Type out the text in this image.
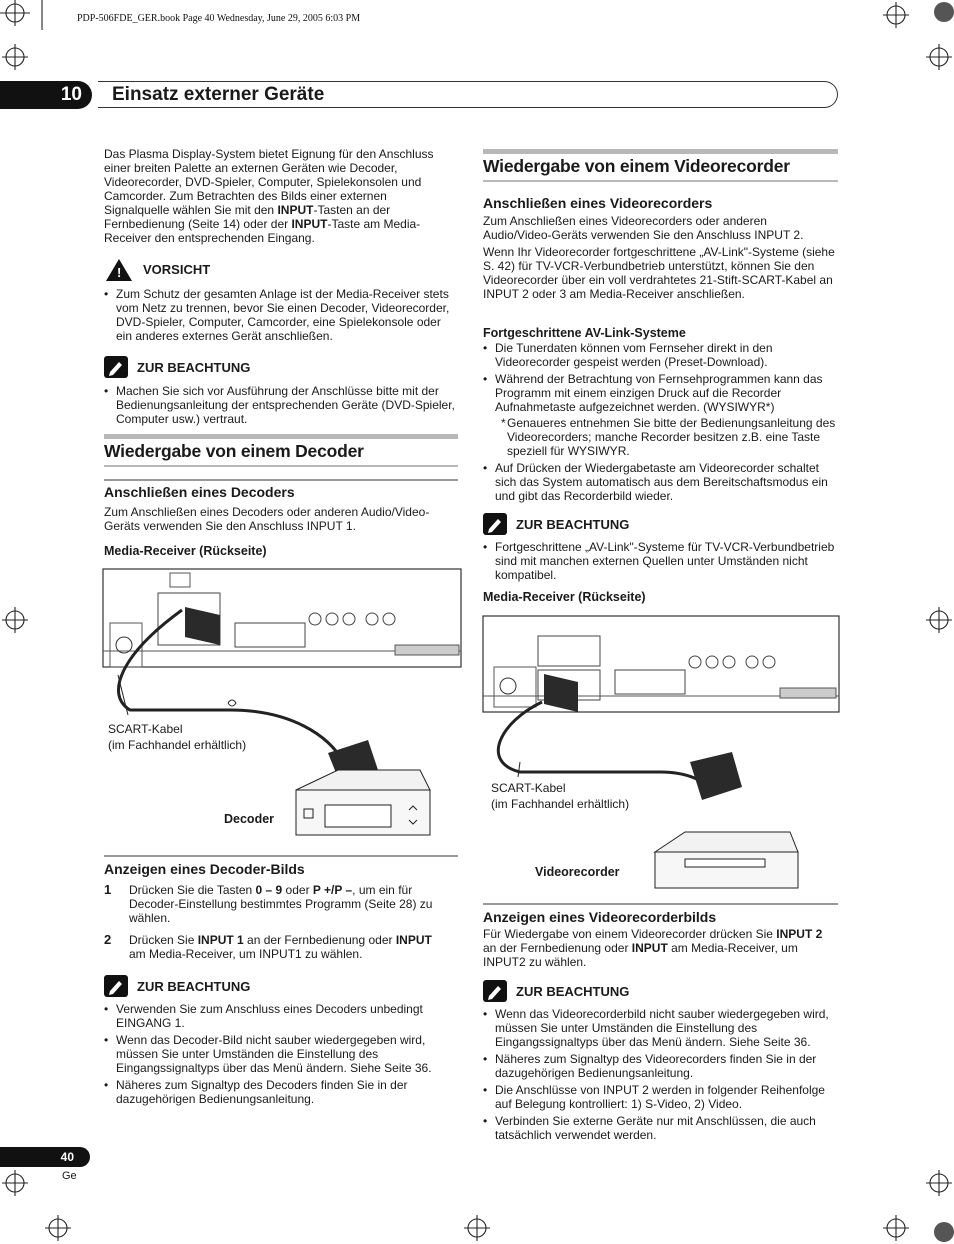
PDP-506FDE_GER.book Page 40 Wednesday, June 29, 2005 6:03 PM
10	Einsatz externer Geräte

Das Plasma Display-System bietet Eignung für den Anschluss
einer breiten Palette an externen Geräten wie Decoder,
Videorecorder, DVD-Spieler, Computer, Spielekonsolen und
Camcorder. Zum Betrachten des Bilds einer externen
Signalquelle wählen Sie mit den INPUT-Tasten an der
Fernbedienung (Seite 14) oder der INPUT-Taste am Media-
Receiver den entsprechenden Eingang.

! VORSICHT
• Zum Schutz der gesamten Anlage ist der Media-Receiver stets vom Netz zu trennen, bevor Sie einen Decoder, Videorecorder, DVD-Spieler, Computer, Camcorder, eine Spielekonsole oder ein anderes externes Gerät anschließen.
ZUR BEACHTUNG
• Machen Sie sich vor Ausführung der Anschlüsse bitte mit der Bedienungsanleitung der entsprechenden Geräte (DVD-Spieler, Computer usw.) vertraut.
Wiedergabe von einem Decoder
Anschließen eines Decoders

Zum Anschließen eines Decoders oder anderen Audio/Video-Geräts verwenden Sie den Anschluss INPUT 1.

Media-Receiver (Rückseite)
SCART-Kabel
(im Fachhandel erhältlich)
Decoder
Anzeigen eines Decoder-Bilds
1 Drücken Sie die Tasten 0 – 9 oder P +/P –, um ein für
Decoder-Einstellung bestimmtes Programm (Seite 28) zu
wählen.

2 Drücken Sie INPUT 1 an der Fernbedienung oder INPUT
am Media-Receiver, um INPUT1 zu wählen.

ZUR BEACHTUNG
• Verwenden Sie zum Anschluss eines Decoders unbedingt EINGANG 1.
• Wenn das Decoder-Bild nicht sauber wiedergegeben wird, müssen Sie unter Umständen die Einstellung des Eingangssignaltyps über das Menü ändern. Siehe Seite 36.
• Näheres zum Signaltyp des Decoders finden Sie in der dazugehörigen Bedienungsanleitung.
Wiedergabe von einem Videorecorder
Anschließen eines Videorecorders

Zum Anschließen eines Videorecorders oder anderen Audio/Video-Geräts verwenden Sie den Anschluss INPUT 2.

Wenn Ihr Videorecorder fortgeschrittene „AV-Link"-Systeme (siehe S. 42) für TV-VCR-Verbundbetrieb unterstützt, können Sie den Videorecorder über ein voll verdrahtetes 21-Stift-SCART-Kabel an INPUT 2 oder 3 am Media-Receiver anschließen.

Fortgeschrittene AV-Link-Systeme
• Die Tunerdaten können vom Fernseher direkt in den Videorecorder gespeist werden (Preset-Download).
• Während der Betrachtung von Fernsehprogrammen kann das Programm mit einem einzigen Druck auf die Recorder Aufnahmetaste aufgezeichnet werden. (WYSIWYR*)
* Genaueres entnehmen Sie bitte der Bedienungsanleitung des Videorecorders; manche Recorder besitzen z.B. eine Taste speziell für WYSIWYR.
• Auf Drücken der Wiedergabetaste am Videorecorder schaltet sich das System automatisch aus dem Bereitschaftsmodus ein und gibt das Recorderbild wieder.
ZUR BEACHTUNG
• Fortgeschrittene „AV-Link"-Systeme für TV-VCR-Verbundbetrieb sind mit manchen externen Quellen unter Umständen nicht kompatibel.
Media-Receiver (Rückseite)
SCART-Kabel
(im Fachhandel erhältlich)
Videorecorder
Anzeigen eines Videorecorderbilds

Für Wiedergabe von einem Videorecorder drücken Sie INPUT 2
an der Fernbedienung oder INPUT am Media-Receiver, um
INPUT2 zu wählen.

ZUR BEACHTUNG
• Wenn das Videorecorderbild nicht sauber wiedergegeben wird, müssen Sie unter Umständen die Einstellung des Eingangssignaltyps über das Menü ändern. Siehe Seite 36.
• Näheres zum Signaltyp des Videorecorders finden Sie in der dazugehörigen Bedienungsanleitung.
• Die Anschlüsse von INPUT 2 werden in folgender Reihenfolge auf Belegung kontrolliert: 1) S-Video, 2) Video.
• Verbinden Sie externe Geräte nur mit Anschlüssen, die auch tatsächlich verwendet werden.
40
Ge
